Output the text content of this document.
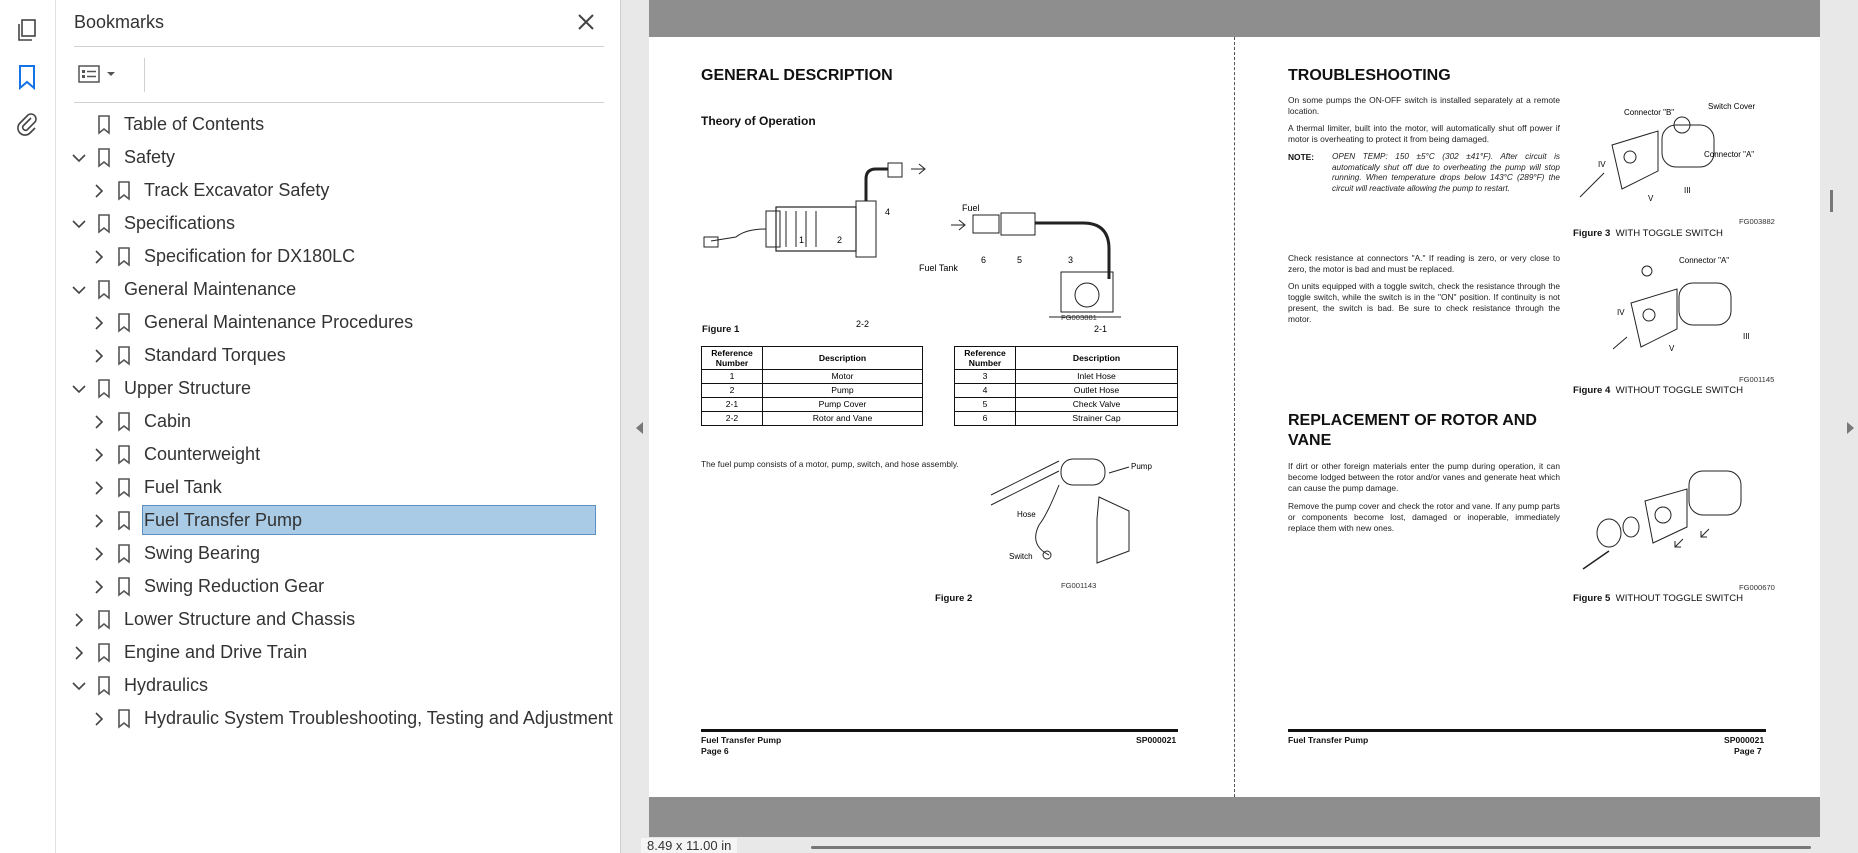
Bookmarks
Table of Contents
Safety
Track Excavator Safety
Specifications
Specification for DX180LC
General Maintenance
General Maintenance Procedures
Standard Torques
Upper Structure
Cabin
Counterweight
Fuel Tank
Fuel Transfer Pump
Swing Bearing
Swing Reduction Gear
Lower Structure and Chassis
Engine and Drive Train
Hydraulics
Hydraulic System Troubleshooting, Testing and Adjustment
GENERAL DESCRIPTION
Theory of Operation
Fuel
Fuel Tank
1	2
3
4
5
6
2-1
2-2
FG003881
Figure 1
Reference Number	Description
1	Motor
2	Pump
2-1	Pump Cover
2-2	Rotor and Vane
Reference Number	Description
3	Inlet Hose
4	Outlet Hose
5	Check Valve
6	Strainer Cap
The fuel pump consists of a motor, pump, switch, and hose assembly.	Pump
Hose
Switch
FG001143
Figure 2
Fuel Transfer Pump
Page 6
SP000021
TROUBLESHOOTING
On some pumps the ON-OFF switch is installed separately at a remote location.
A thermal limiter, built into the motor, will automatically shut off power if motor is overheating to protect it from being damaged.
NOTE: OPEN TEMP: 150 ±5°C (302 ±41°F). After circuit is automatically shut off due to overheating the pump will stop running. When temperature drops below 143°C (289°F) the circuit will reactivate allowing the pump to restart.
Check resistance at connectors "A." If reading is zero, or very close to zero, the motor is bad and must be replaced.
On units equipped with a toggle switch, check the resistance through the toggle switch, while the switch is in the "ON" position. If continuity is not present, the switch is bad. Be sure to check resistance through the motor.
REPLACEMENT OF ROTOR AND VANE
If dirt or other foreign materials enter the pump during operation, it can become lodged between the rotor and/or vanes and generate heat which can cause the pump damage.
Remove the pump cover and check the rotor and vane. If any pump parts or components become lost, damaged or inoperable, immediately replace them with new ones.
Switch Cover
Connector "B"
Connector "A"
IV
V
III
FG003882
Figure 3 WITH TOGGLE SWITCH
Connector "A"
IV
V
III
FG001145
Figure 4 WITHOUT TOGGLE SWITCH
FG000670
Figure 5 WITHOUT TOGGLE SWITCH
Fuel Transfer Pump	SP000021
Page 7
8.49 x 11.00 in
